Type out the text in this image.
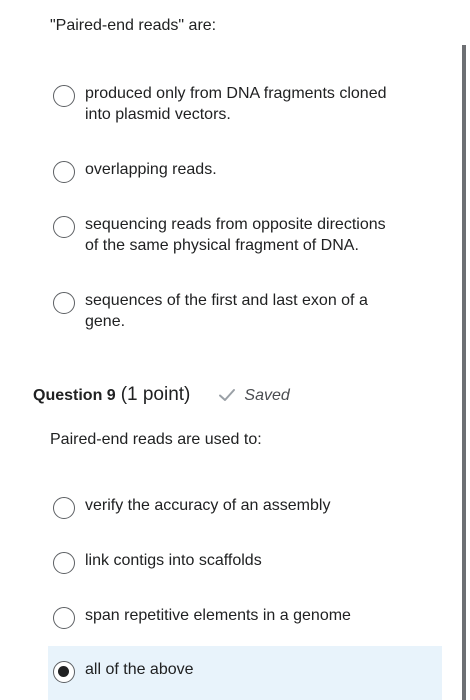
"Paired-end reads" are:
produced only from DNA fragments cloned
into plasmid vectors.
overlapping reads.
sequencing reads from opposite directions
of the same physical fragment of DNA.
sequences of the first and last exon of a
gene.
Question 9 (1 point)	Saved
Paired-end reads are used to:
verify the accuracy of an assembly
link contigs into scaffolds
span repetitive elements in a genome
all of the above
